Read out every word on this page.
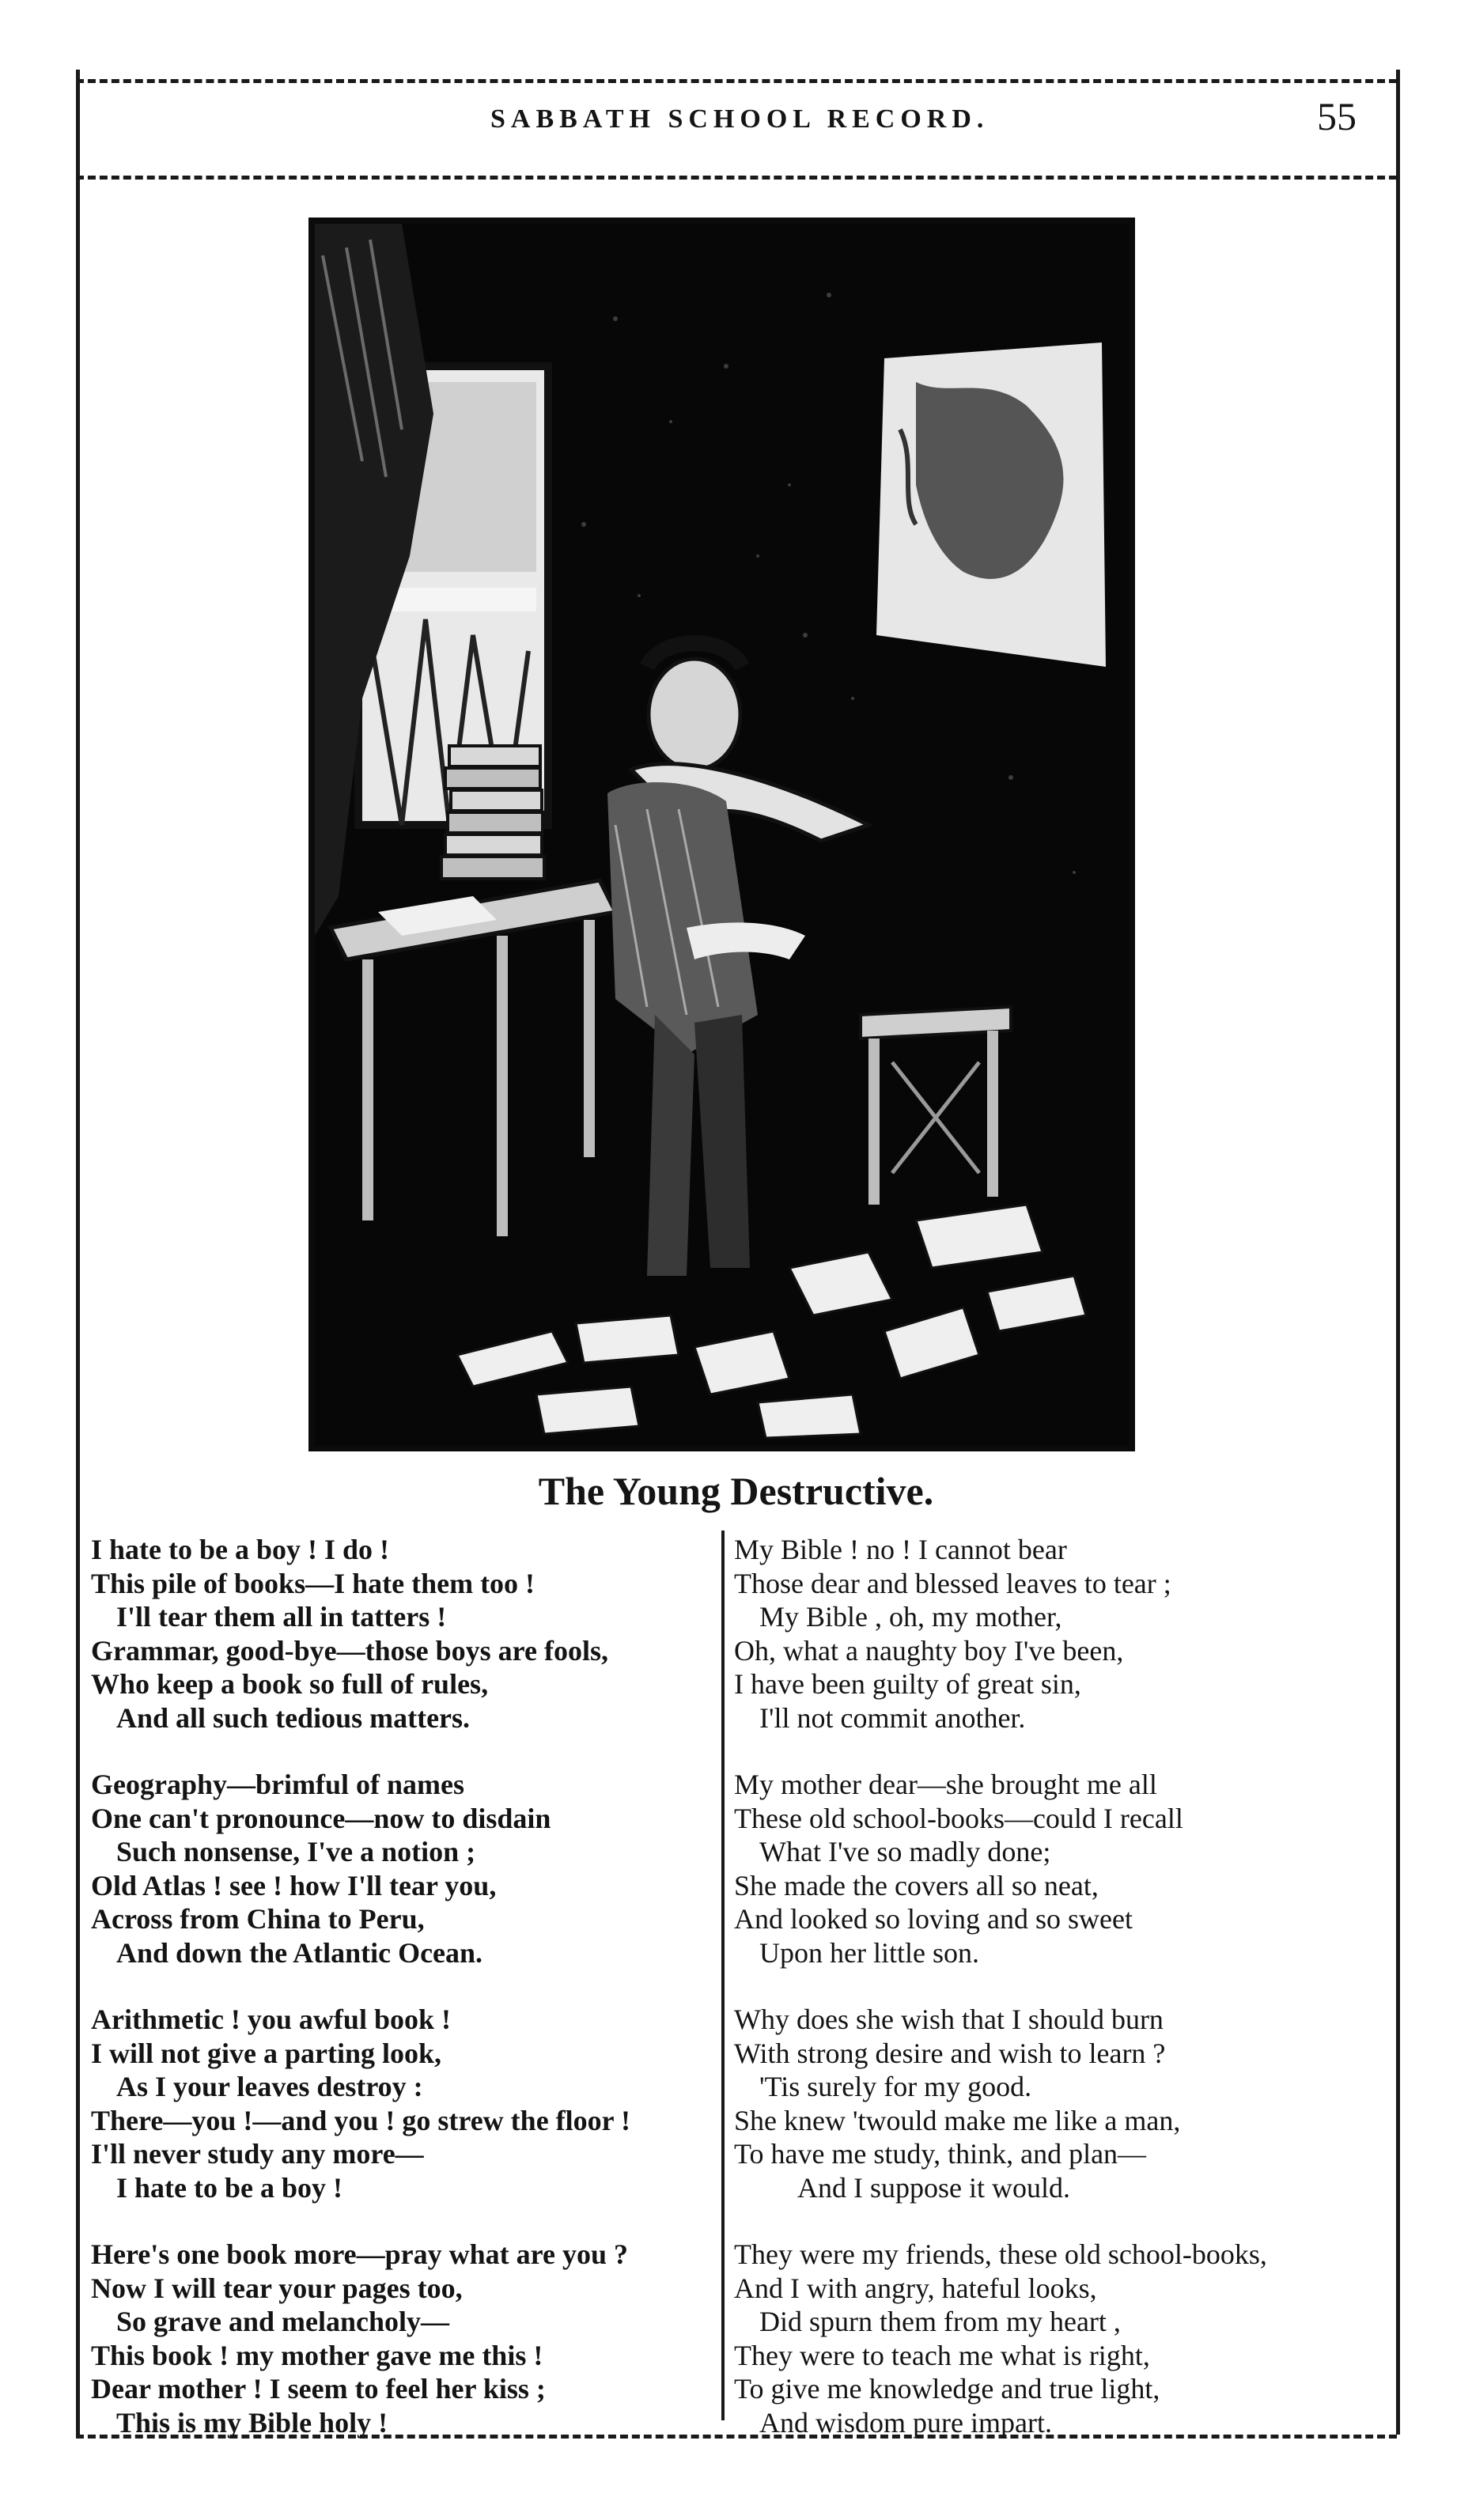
SABBATH SCHOOL RECORD.	55
The Young Destructive.
I hate to be a boy ! I do !
This pile of books—I hate them too !
I'll tear them all in tatters !
Grammar, good-bye—those boys are fools,
Who keep a book so full of rules,
And all such tedious matters.
Geography—brimful of names
One can't pronounce—now to disdain
Such nonsense, I've a notion ;
Old Atlas ! see ! how I'll tear you,
Across from China to Peru,
And down the Atlantic Ocean.
Arithmetic ! you awful book !
I will not give a parting look,
As I your leaves destroy :
There—you !—and you ! go strew the floor !
I'll never study any more—
I hate to be a boy !
Here's one book more—pray what are you ?
Now I will tear your pages too,
So grave and melancholy—
This book ! my mother gave me this !
Dear mother ! I seem to feel her kiss ;
This is my Bible holy !
My Bible ! no ! I cannot bear
Those dear and blessed leaves to tear ;
My Bible , oh, my mother,
Oh, what a naughty boy I've been,
I have been guilty of great sin,
I'll not commit another.
My mother dear—she brought me all
These old school-books—could I recall
What I've so madly done;
She made the covers all so neat,
And looked so loving and so sweet
Upon her little son.
Why does she wish that I should burn
With strong desire and wish to learn ?
'Tis surely for my good.
She knew 'twould make me like a man,
To have me study, think, and plan—
And I suppose it would.
They were my friends, these old school-books,
And I with angry, hateful looks,
Did spurn them from my heart ,
They were to teach me what is right,
To give me knowledge and true light,
And wisdom pure impart.
